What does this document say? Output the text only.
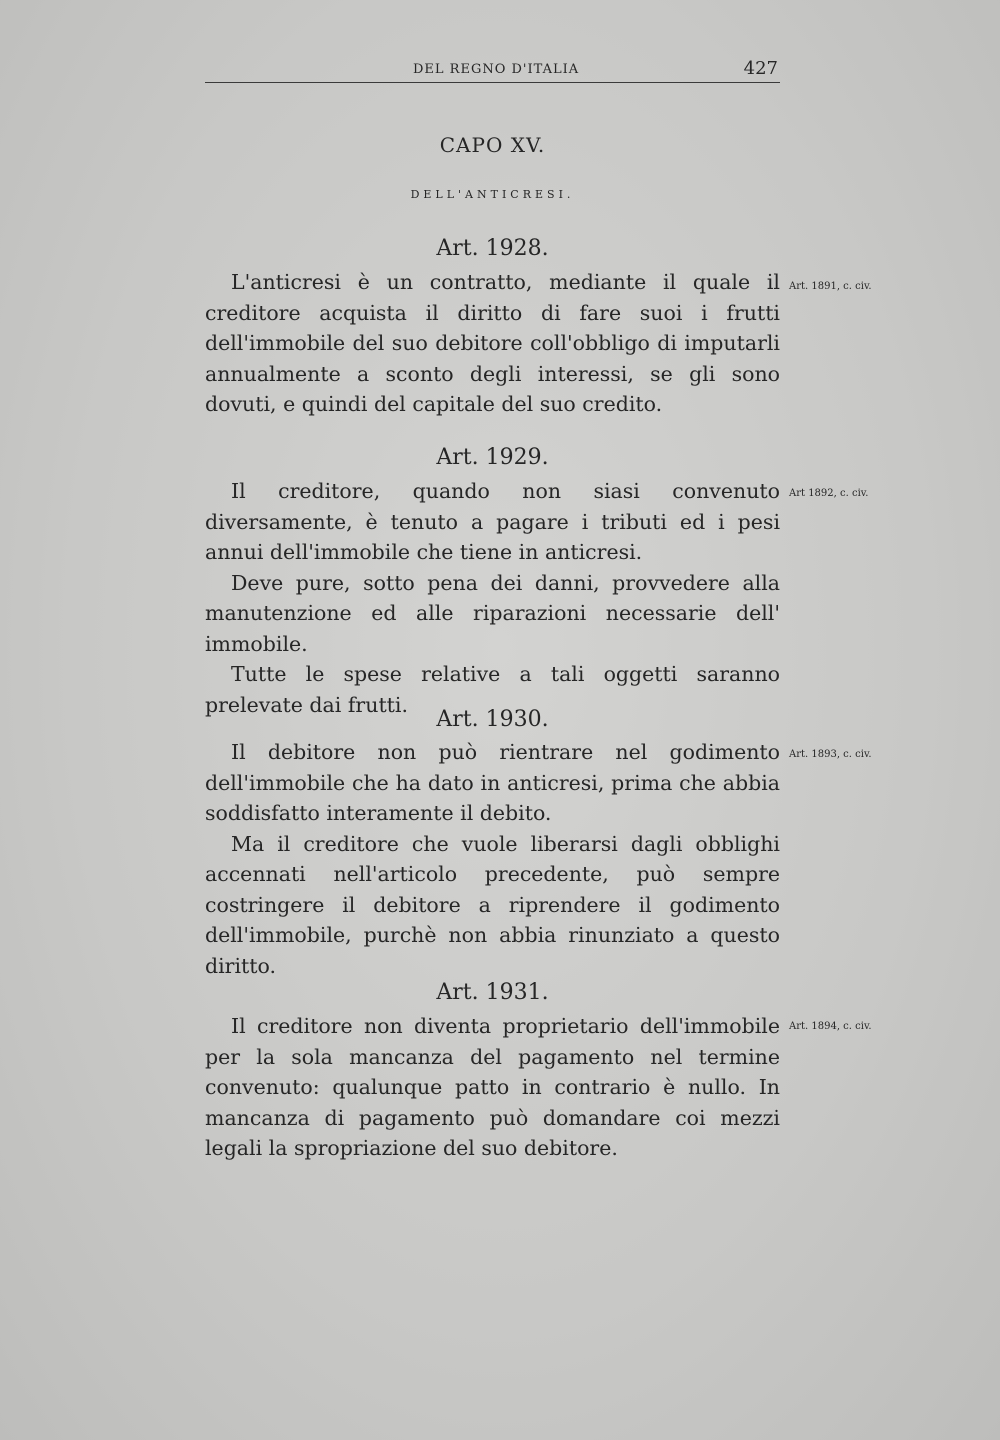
DEL REGNO D'ITALIA	427
CAPO XV.
DELL'ANTICRESI.
Art. 1928.
Art. 1891, c. civ.

L'anticresi è un contratto, mediante il quale il creditore acquista il diritto di fare suoi i frutti dell'immobile del suo debitore coll'obbligo di imputarli annualmente a sconto degli interessi, se gli sono dovuti, e quindi del capitale del suo credito.

Art. 1929.
Art 1892, c. civ.

Il creditore, quando non siasi convenuto diversamente, è tenuto a pagare i tributi ed i pesi annui dell'immobile che tiene in anticresi.

Deve pure, sotto pena dei danni, provvedere alla manutenzione ed alle riparazioni necessarie dell' immobile.

Tutte le spese relative a tali oggetti saranno prelevate dai frutti.

Art. 1930.
Art. 1893, c. civ.

Il debitore non può rientrare nel godimento dell'immobile che ha dato in anticresi, prima che abbia soddisfatto interamente il debito.

Ma il creditore che vuole liberarsi dagli obblighi accennati nell'articolo precedente, può sempre costringere il debitore a riprendere il godimento dell'immobile, purchè non abbia rinunziato a questo diritto.

Art. 1931.
Art. 1894, c. civ.

Il creditore non diventa proprietario dell'immobile per la sola mancanza del pagamento nel termine convenuto: qualunque patto in contrario è nullo. In mancanza di pagamento può domandare coi mezzi legali la spropriazione del suo debitore.
